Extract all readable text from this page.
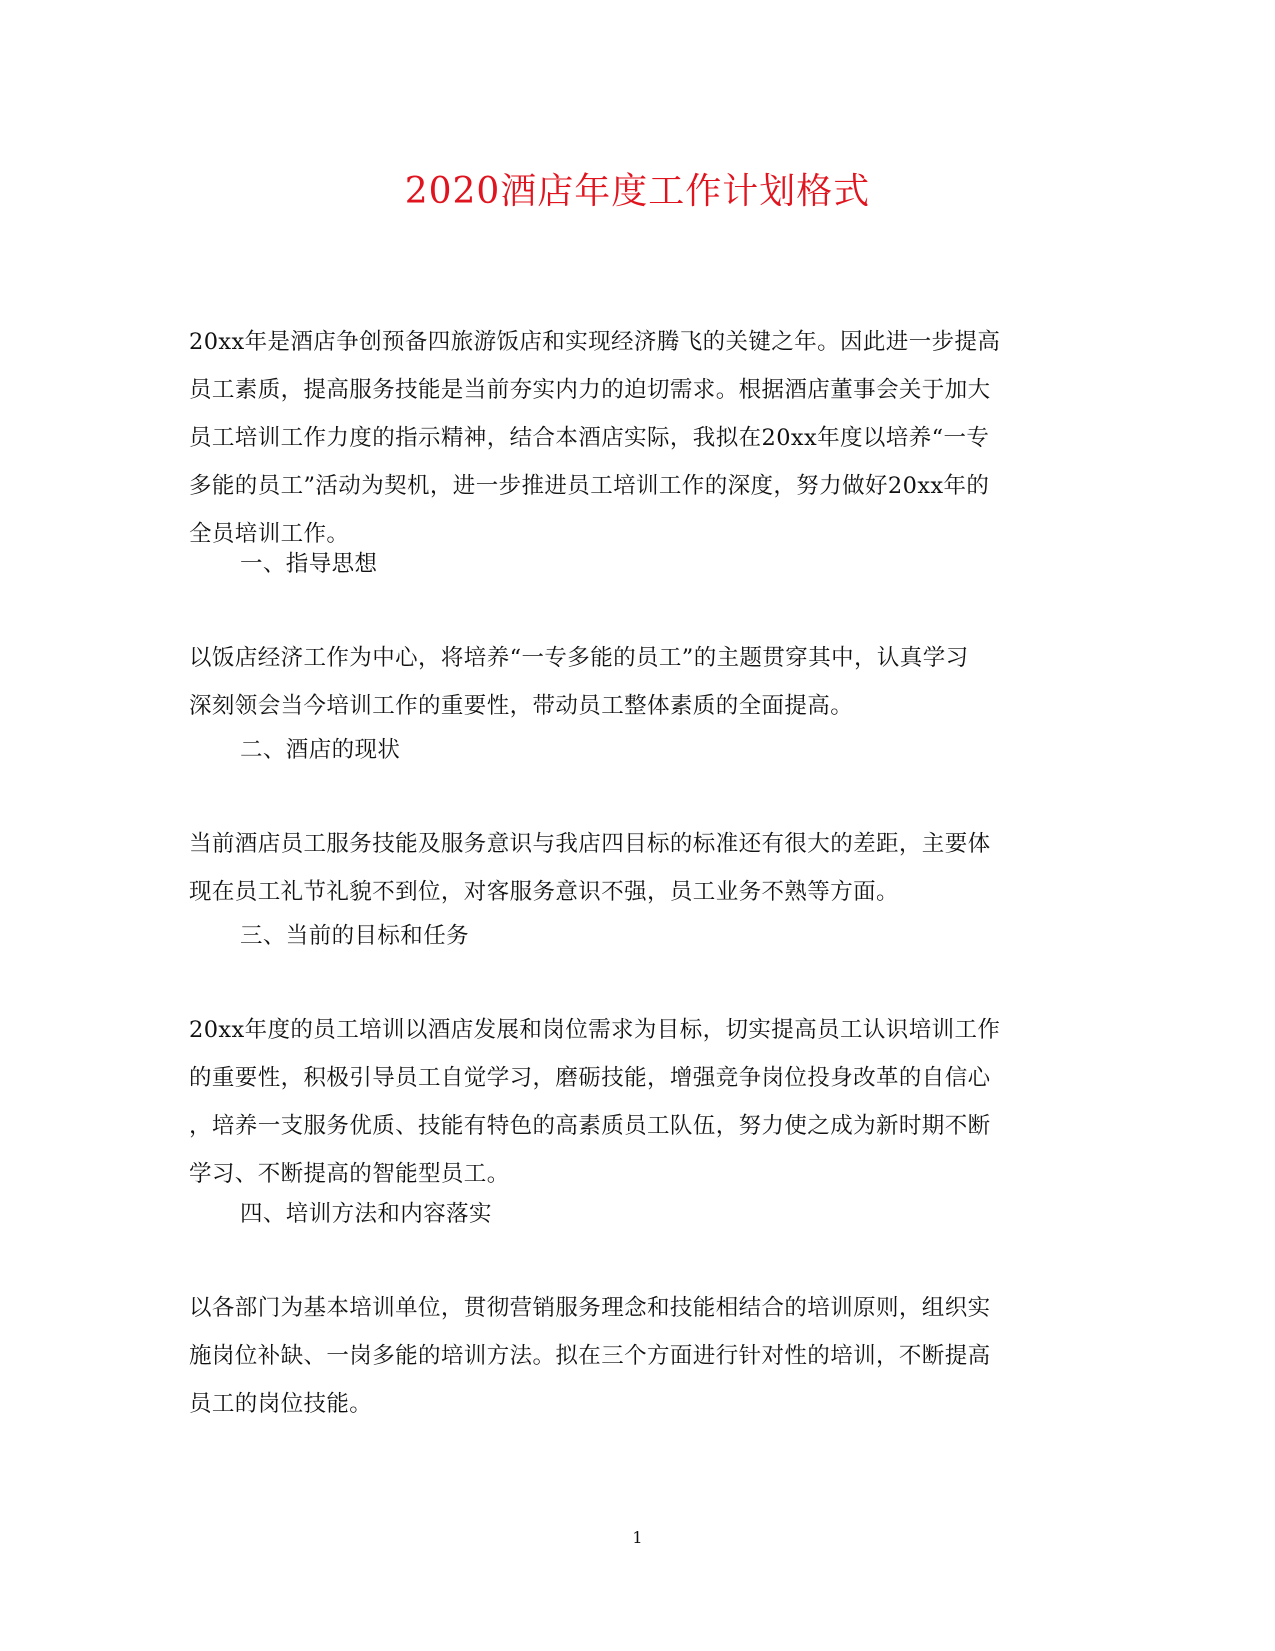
2020酒店年度工作计划格式
20xx年是酒店争创预备四旅游饭店和实现经济腾飞的关键之年。因此进一步提高
员工素质，提高服务技能是当前夯实内力的迫切需求。根据酒店董事会关于加大
员工培训工作力度的指示精神，结合本酒店实际，我拟在20xx年度以培养“一专
多能的员工”活动为契机，进一步推进员工培训工作的深度，努力做好20xx年的
全员培训工作。
一、指导思想
以饭店经济工作为中心，将培养“一专多能的员工”的主题贯穿其中，认真学习
深刻领会当今培训工作的重要性，带动员工整体素质的全面提高。
二、酒店的现状
当前酒店员工服务技能及服务意识与我店四目标的标准还有很大的差距，主要体
现在员工礼节礼貌不到位，对客服务意识不强，员工业务不熟等方面。
三、当前的目标和任务
20xx年度的员工培训以酒店发展和岗位需求为目标，切实提高员工认识培训工作
的重要性，积极引导员工自觉学习，磨砺技能，增强竞争岗位投身改革的自信心
，培养一支服务优质、技能有特色的高素质员工队伍，努力使之成为新时期不断
学习、不断提高的智能型员工。
四、培训方法和内容落实
以各部门为基本培训单位，贯彻营销服务理念和技能相结合的培训原则，组织实
施岗位补缺、一岗多能的培训方法。拟在三个方面进行针对性的培训，不断提高
员工的岗位技能。
1
